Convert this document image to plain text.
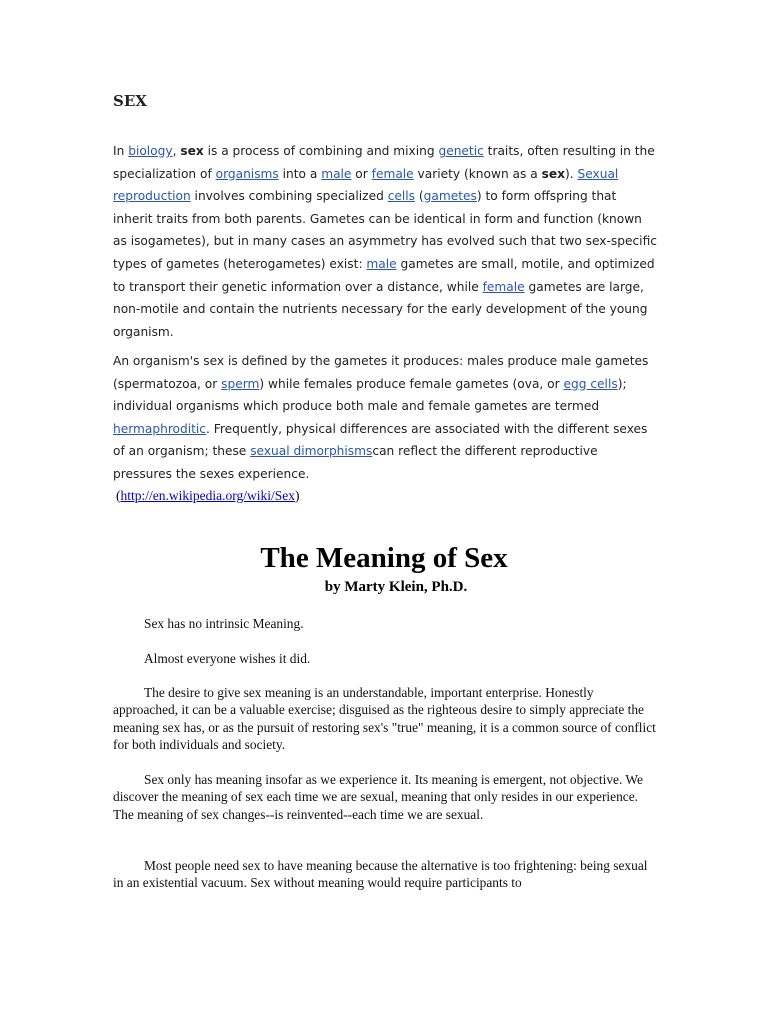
SEX
In biology, sex is a process of combining and mixing genetic traits, often resulting in the specialization of organisms into a male or female variety (known as a sex). Sexual reproduction involves combining specialized cells (gametes) to form offspring that inherit traits from both parents. Gametes can be identical in form and function (known as isogametes), but in many cases an asymmetry has evolved such that two sex-specific types of gametes (heterogametes) exist: male gametes are small, motile, and optimized to transport their genetic information over a distance, while female gametes are large, non-motile and contain the nutrients necessary for the early development of the young organism.
An organism's sex is defined by the gametes it produces: males produce male gametes (spermatozoa, or sperm) while females produce female gametes (ova, or egg cells); individual organisms which produce both male and female gametes are termed hermaphroditic. Frequently, physical differences are associated with the different sexes of an organism; these sexual dimorphismscan reflect the different reproductive pressures the sexes experience.
(http://en.wikipedia.org/wiki/Sex)
The Meaning of Sex
by Marty Klein, Ph.D.

Sex has no intrinsic Meaning.

Almost everyone wishes it did.

The desire to give sex meaning is an understandable, important enterprise. Honestly approached, it can be a valuable exercise; disguised as the righteous desire to simply appreciate the meaning sex has, or as the pursuit of restoring sex's "true" meaning, it is a common source of conflict for both individuals and society.

Sex only has meaning insofar as we experience it. Its meaning is emergent, not objective. We discover the meaning of sex each time we are sexual, meaning that only resides in our experience. The meaning of sex changes--is reinvented--each time we are sexual.

Most people need sex to have meaning because the alternative is too frightening: being sexual in an existential vacuum. Sex without meaning would require participants to
